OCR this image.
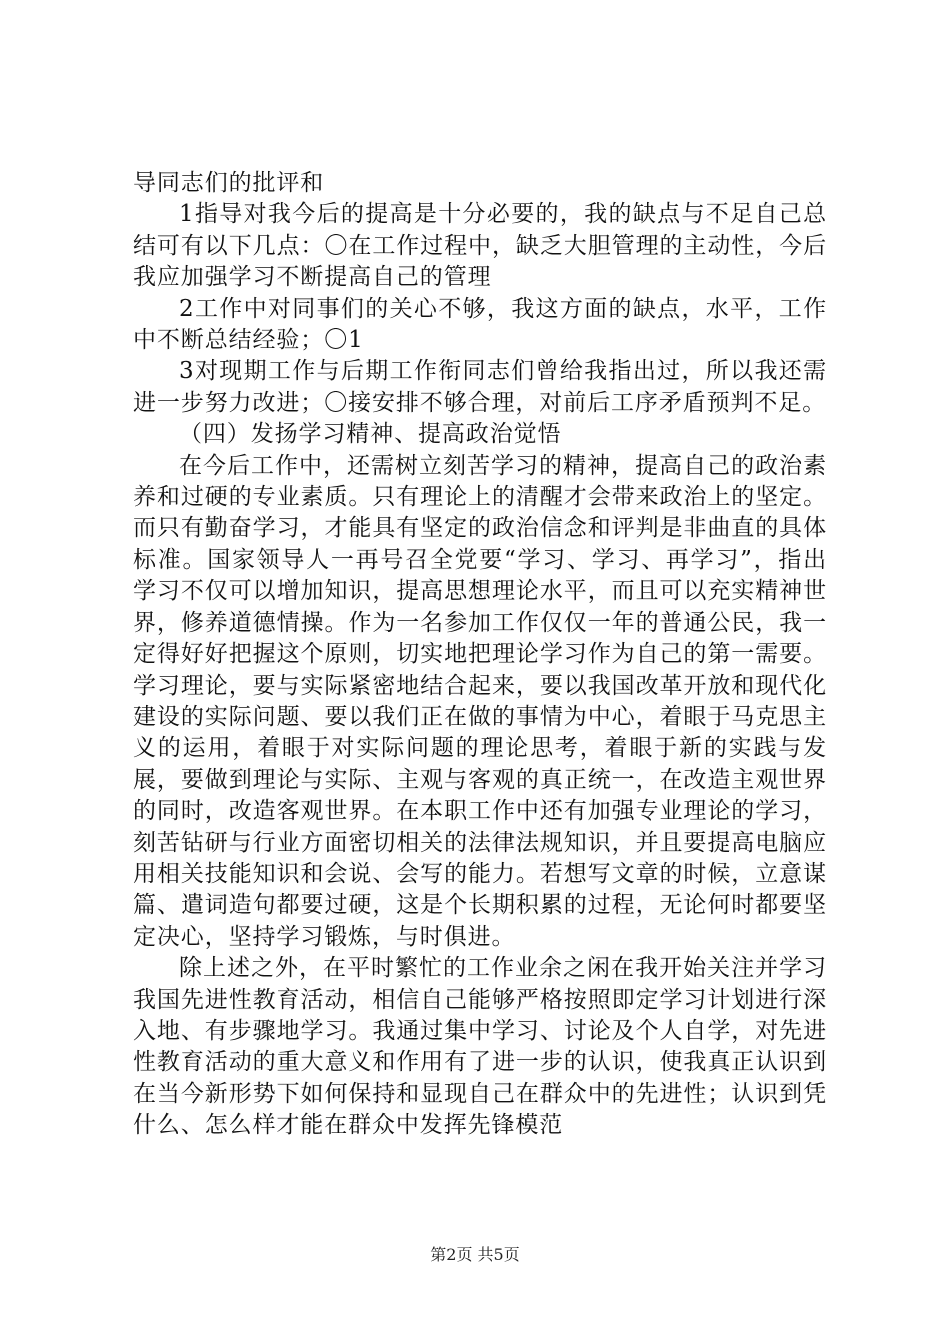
导同志们的批评和

1指导对我今后的提高是十分必要的，我的缺点与不足自己总结可有以下几点：〇在工作过程中，缺乏大胆管理的主动性，今后我应加强学习不断提高自己的管理

2工作中对同事们的关心不够，我这方面的缺点，水平，工作中不断总结经验；〇1

3对现期工作与后期工作衔同志们曾给我指出过，所以我还需进一步努力改进；〇接安排不够合理，对前后工序矛盾预判不足。

（四）发扬学习精神、提高政治觉悟

在今后工作中，还需树立刻苦学习的精神，提高自己的政治素养和过硬的专业素质。只有理论上的清醒才会带来政治上的坚定。而只有勤奋学习，才能具有坚定的政治信念和评判是非曲直的具体标准。国家领导人一再号召全党要“学习、学习、再学习”，指出学习不仅可以增加知识，提高思想理论水平，而且可以充实精神世界，修养道德情操。作为一名参加工作仅仅一年的普通公民，我一定得好好把握这个原则，切实地把理论学习作为自己的第一需要。学习理论，要与实际紧密地结合起来，要以我国改革开放和现代化建设的实际问题、要以我们正在做的事情为中心，着眼于马克思主义的运用，着眼于对实际问题的理论思考，着眼于新的实践与发展，要做到理论与实际、主观与客观的真正统一，在改造主观世界的同时，改造客观世界。在本职工作中还有加强专业理论的学习，刻苦钻研与行业方面密切相关的法律法规知识，并且要提高电脑应用相关技能知识和会说、会写的能力。若想写文章的时候，立意谋篇、遣词造句都要过硬，这是个长期积累的过程，无论何时都要坚定决心，坚持学习锻炼，与时俱进。

除上述之外，在平时繁忙的工作业余之闲在我开始关注并学习我国先进性教育活动，相信自己能够严格按照即定学习计划进行深入地、有步骤地学习。我通过集中学习、讨论及个人自学，对先进性教育活动的重大意义和作用有了进一步的认识，使我真正认识到在当今新形势下如何保持和显现自己在群众中的先进性；认识到凭什么、怎么样才能在群众中发挥先锋模范

第2页 共5页
